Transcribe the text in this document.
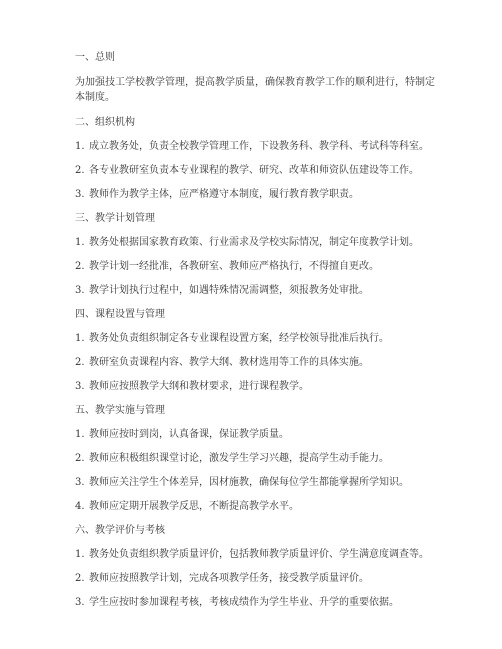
一、总则
为加强技工学校教学管理，提高教学质量，确保教育教学工作的顺利进行，特制定本制度。
二、组织机构
1. 成立教务处，负责全校教学管理工作，下设教务科、教学科、考试科等科室。
2. 各专业教研室负责本专业课程的教学、研究、改革和师资队伍建设等工作。
3. 教师作为教学主体，应严格遵守本制度，履行教育教学职责。
三、教学计划管理
1. 教务处根据国家教育政策、行业需求及学校实际情况，制定年度教学计划。
2. 教学计划一经批准，各教研室、教师应严格执行，不得擅自更改。
3. 教学计划执行过程中，如遇特殊情况需调整，须报教务处审批。
四、课程设置与管理
1. 教务处负责组织制定各专业课程设置方案，经学校领导批准后执行。
2. 教研室负责课程内容、教学大纲、教材选用等工作的具体实施。
3. 教师应按照教学大纲和教材要求，进行课程教学。
五、教学实施与管理
1. 教师应按时到岗，认真备课，保证教学质量。
2. 教师应积极组织课堂讨论，激发学生学习兴趣，提高学生动手能力。
3. 教师应关注学生个体差异，因材施教，确保每位学生都能掌握所学知识。
4. 教师应定期开展教学反思，不断提高教学水平。
六、教学评价与考核
1. 教务处负责组织教学质量评价，包括教师教学质量评价、学生满意度调查等。
2. 教师应按照教学计划，完成各项教学任务，接受教学质量评价。
3. 学生应按时参加课程考核，考核成绩作为学生毕业、升学的重要依据。
